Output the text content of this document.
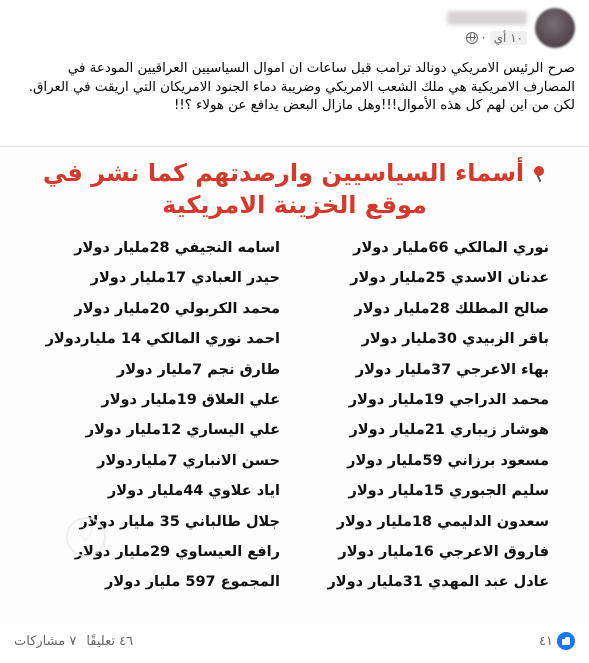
١٠ أي
·

صرح الرئيس الامريكي دونالد ترامب قبل ساعات ان اموال السياسيين العراقيين المودعة في المصارف الامريكية هي ملك الشعب الامريكي وضريبة دماء الجنود الامريكان التي اريقت في العراق.

لكن من اين لهم كل هذه الأموال!!!وهل مازال البعض يدافع عن هولاء ؟!!

أسماء السياسيين وارصدتهم كما نشر في
موقع الخزينة الامريكية
نوري المالكي 66مليار دولار
عدنان الاسدي 25مليار دولار
صالح المطلك 28مليار دولار
باقر الزبيدي 30مليار دولار
بهاء الاعرجي 37مليار دولار
محمد الدراجي 19مليار دولار
هوشار زيباري 21مليار دولار
مسعود برزاني 59مليار دولار
سليم الجبوري 15مليار دولار
سعدون الدليمي 18مليار دولار
فاروق الاعرجي 16مليار دولار
عادل عبد المهدي 31مليار دولار
اسامه النجيفي 28مليار دولار
حيدر العبادي 17مليار دولار
محمد الكربولي 20مليار دولار
احمد نوري المالكي 14 ملياردولار
طارق نجم 7مليار دولار
علي العلاق 19مليار دولار
علي اليساري 12مليار دولار
حسن الانباري 7ملياردولار
اياد علاوي 44مليار دولار
جلال طالباني 35 مليار دولار
رافع العيساوي 29مليار دولار
المجموع 597 مليار دولار
♡
٤٦ تعليقًا
٧ مشاركات	٤١
